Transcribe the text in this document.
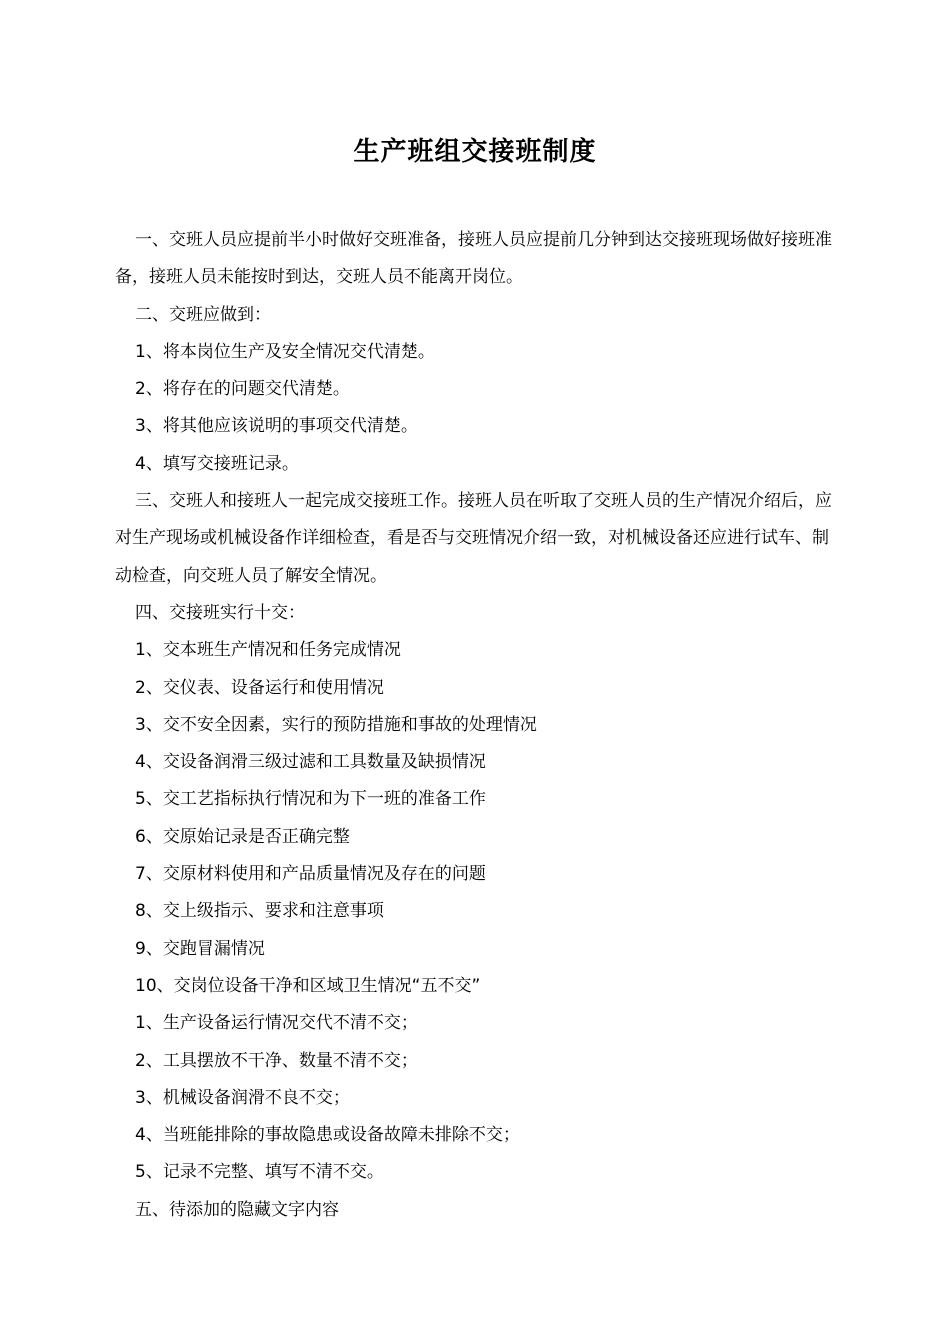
生产班组交接班制度

一、交班人员应提前半小时做好交班准备，接班人员应提前几分钟到达交接班现场做好接班准备，接班人员未能按时到达，交班人员不能离开岗位。

二、交班应做到：

1、将本岗位生产及安全情况交代清楚。

2、将存在的问题交代清楚。

3、将其他应该说明的事项交代清楚。

4、填写交接班记录。

三、交班人和接班人一起完成交接班工作。接班人员在听取了交班人员的生产情况介绍后，应对生产现场或机械设备作详细检查，看是否与交班情况介绍一致，对机械设备还应进行试车、制动检查，向交班人员了解安全情况。

四、交接班实行十交：

1、交本班生产情况和任务完成情况

2、交仪表、设备运行和使用情况

3、交不安全因素，实行的预防措施和事故的处理情况

4、交设备润滑三级过滤和工具数量及缺损情况

5、交工艺指标执行情况和为下一班的准备工作

6、交原始记录是否正确完整

7、交原材料使用和产品质量情况及存在的问题

8、交上级指示、要求和注意事项

9、交跑冒漏情况

10、交岗位设备干净和区域卫生情况“五不交”

1、生产设备运行情况交代不清不交；

2、工具摆放不干净、数量不清不交；

3、机械设备润滑不良不交；

4、当班能排除的事故隐患或设备故障未排除不交；

5、记录不完整、填写不清不交。

五、待添加的隐藏文字内容
